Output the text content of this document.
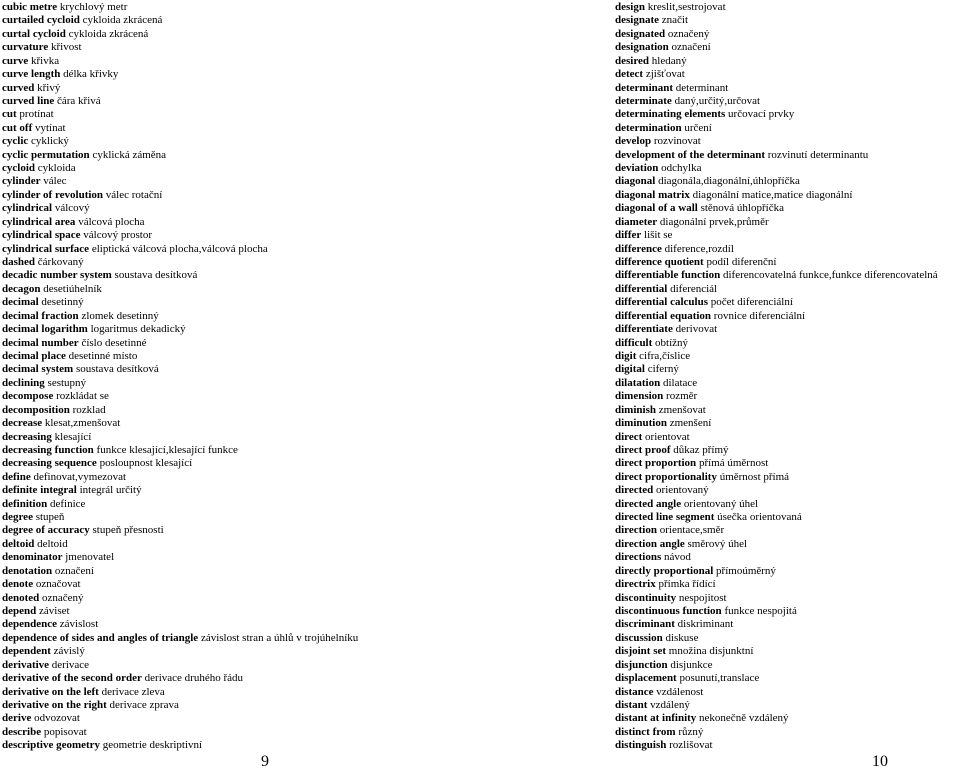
cubic metre krychlový metr
curtailed cycloid cykloida zkrácená
curtal cycloid cykloida zkrácená
curvature křivost
curve křivka
curve length délka křivky
curved křivý
curved line čára křivá
cut protínat
cut off vytínat
cyclic cyklický
cyclic permutation cyklická záměna
cycloid cykloida
cylinder válec
cylinder of revolution válec rotační
cylindrical válcový
cylindrical area válcová plocha
cylindrical space válcový prostor
cylindrical surface eliptická válcová plocha,válcová plocha
dashed čárkovaný
decadic number system soustava desítková
decagon desetiúhelník
decimal desetinný
decimal fraction zlomek desetinný
decimal logarithm logaritmus dekadický
decimal number číslo desetinné
decimal place desetinné místo
decimal system soustava desítková
declining sestupný
decompose rozkládat se
decomposition rozklad
decrease klesat,zmenšovat
decreasing klesající
decreasing function funkce klesající,klesající funkce
decreasing sequence posloupnost klesající
define definovat,vymezovat
definite integral integrál určitý
definition definice
degree stupeň
degree of accuracy stupeň přesnosti
deltoid deltoid
denominator jmenovatel
denotation označení
denote označovat
denoted označený
depend záviset
dependence závislost
dependence of sides and angles of triangle závislost stran a úhlů v trojúhelníku
dependent závislý
derivative derivace
derivative of the second order derivace druhého řádu
derivative on the left derivace zleva
derivative on the right derivace zprava
derive odvozovat
describe popisovat
descriptive geometry geometrie deskriptivní
design kreslit,sestrojovat
designate značit
designated označený
designation označení
desired hledaný
detect zjišťovat
determinant determinant
determinate daný,určitý,určovat
determinating elements určovací prvky
determination určení
develop rozvinovat
development of the determinant rozvinutí determinantu
deviation odchylka
diagonal diagonála,diagonální,úhlopříčka
diagonal matrix diagonální matice,matice diagonální
diagonal of a wall stěnová úhlopříčka
diameter diagonální prvek,průměr
differ lišit se
difference diference,rozdíl
difference quotient podíl diferenční
differentiable function diferencovatelná funkce,funkce diferencovatelná
differential diferenciál
differential calculus počet diferenciální
differential equation rovnice diferenciální
differentiate derivovat
difficult obtížný
digit cifra,číslice
digital ciferný
dilatation dilatace
dimension rozměr
diminish zmenšovat
diminution zmenšení
direct orientovat
direct proof důkaz přímý
direct proportion přímá úměrnost
direct proportionality úměrnost přímá
directed orientovaný
directed angle orientovaný úhel
directed line segment úsečka orientovaná
direction orientace,směr
direction angle směrový úhel
directions návod
directly proportional přímoúměrný
directrix přímka řídící
discontinuity nespojitost
discontinuous function funkce nespojitá
discriminant diskriminant
discussion diskuse
disjoint set množina disjunktní
disjunction disjunkce
displacement posunutí,translace
distance vzdálenost
distant vzdálený
distant at infinity nekonečně vzdálený
distinct from různý
distinguish rozlišovat
9	10
